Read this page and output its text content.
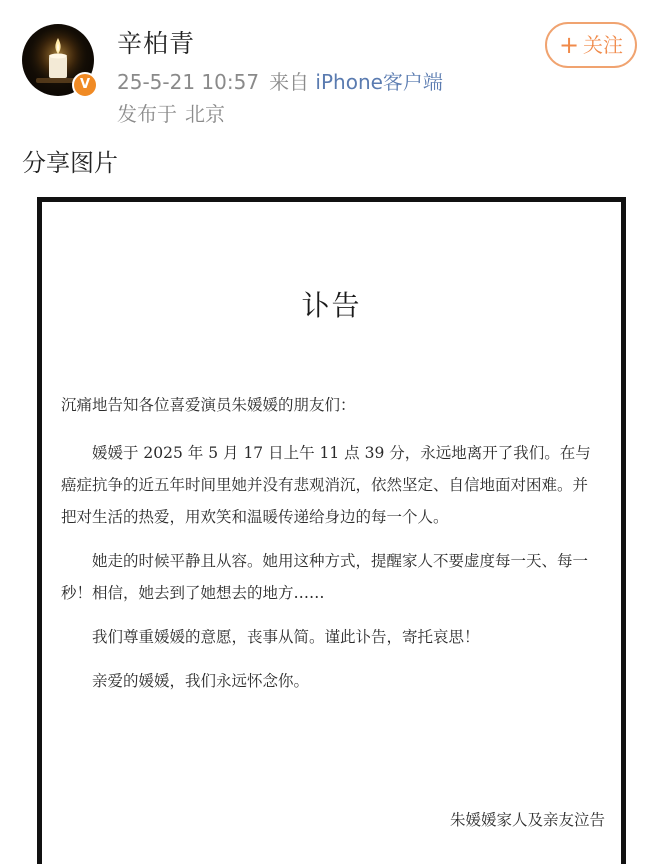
V
辛柏青
25-5-21 10:57 来自 iPhone客户端
发布于 北京
+ 关注
分享图片
讣告

沉痛地告知各位喜爱演员朱媛媛的朋友们：

媛媛于 2025 年 5 月 17 日上午 11 点 39 分，永远地离开了我们。在与癌症抗争的近五年时间里她并没有悲观消沉，依然坚定、自信地面对困难。并把对生活的热爱，用欢笑和温暖传递给身边的每一个人。

她走的时候平静且从容。她用这种方式，提醒家人不要虚度每一天、每一秒！相信，她去到了她想去的地方……

我们尊重媛媛的意愿，丧事从简。谨此讣告，寄托哀思！

亲爱的媛媛，我们永远怀念你。

朱媛媛家人及亲友泣告
